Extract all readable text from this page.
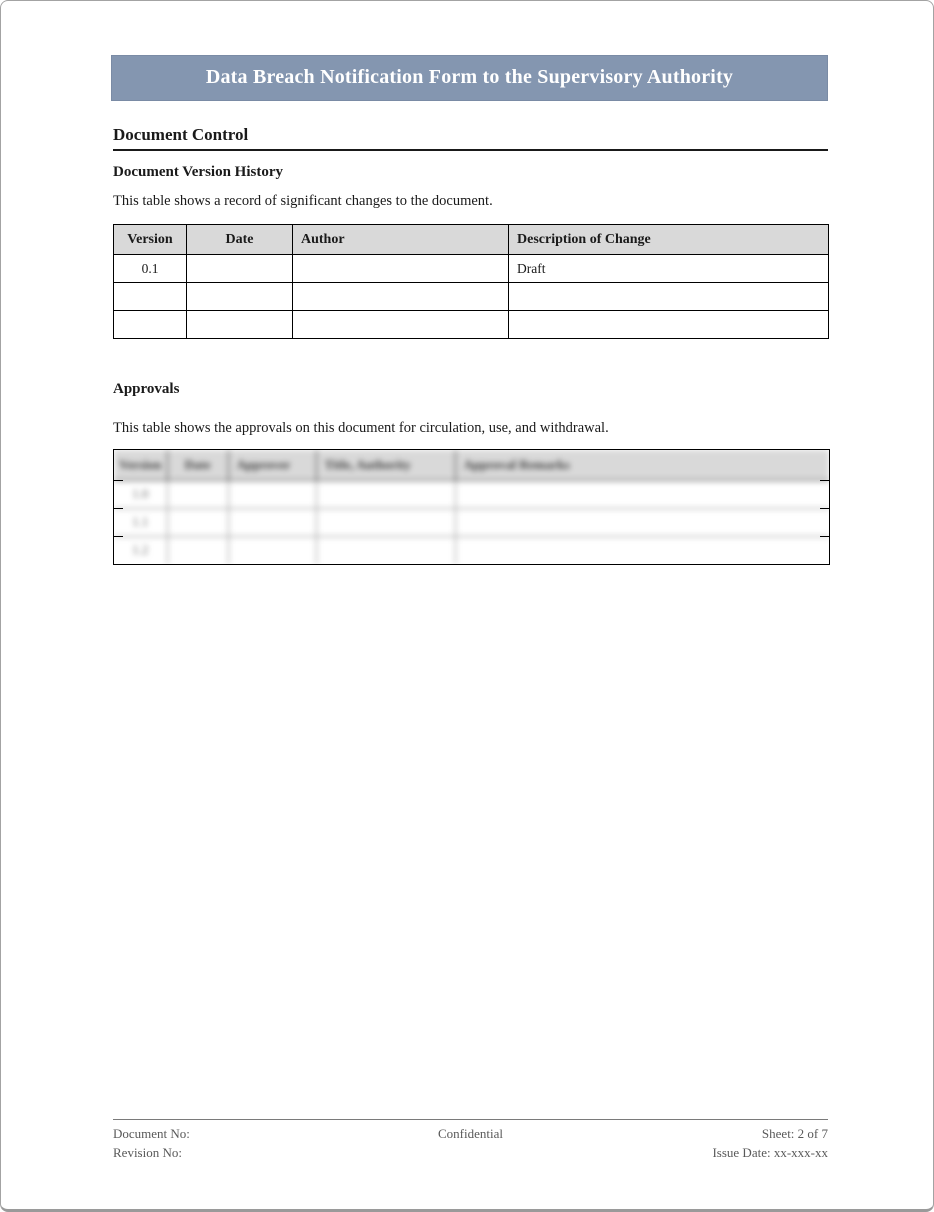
Data Breach Notification Form to the Supervisory Authority
Document Control
Document Version History

This table shows a record of significant changes to the document.

Version	Date	Author	Description of Change
0.1			Draft

Approvals

This table shows the approvals on this document for circulation, use, and withdrawal.

Version	Date	Approver	Title, Authority	Approval Remarks
1.0				
1.1				
1.2				
Document No:	Confidential	Sheet: 2 of 7
Revision No:	Issue Date: xx-xxx-xx
